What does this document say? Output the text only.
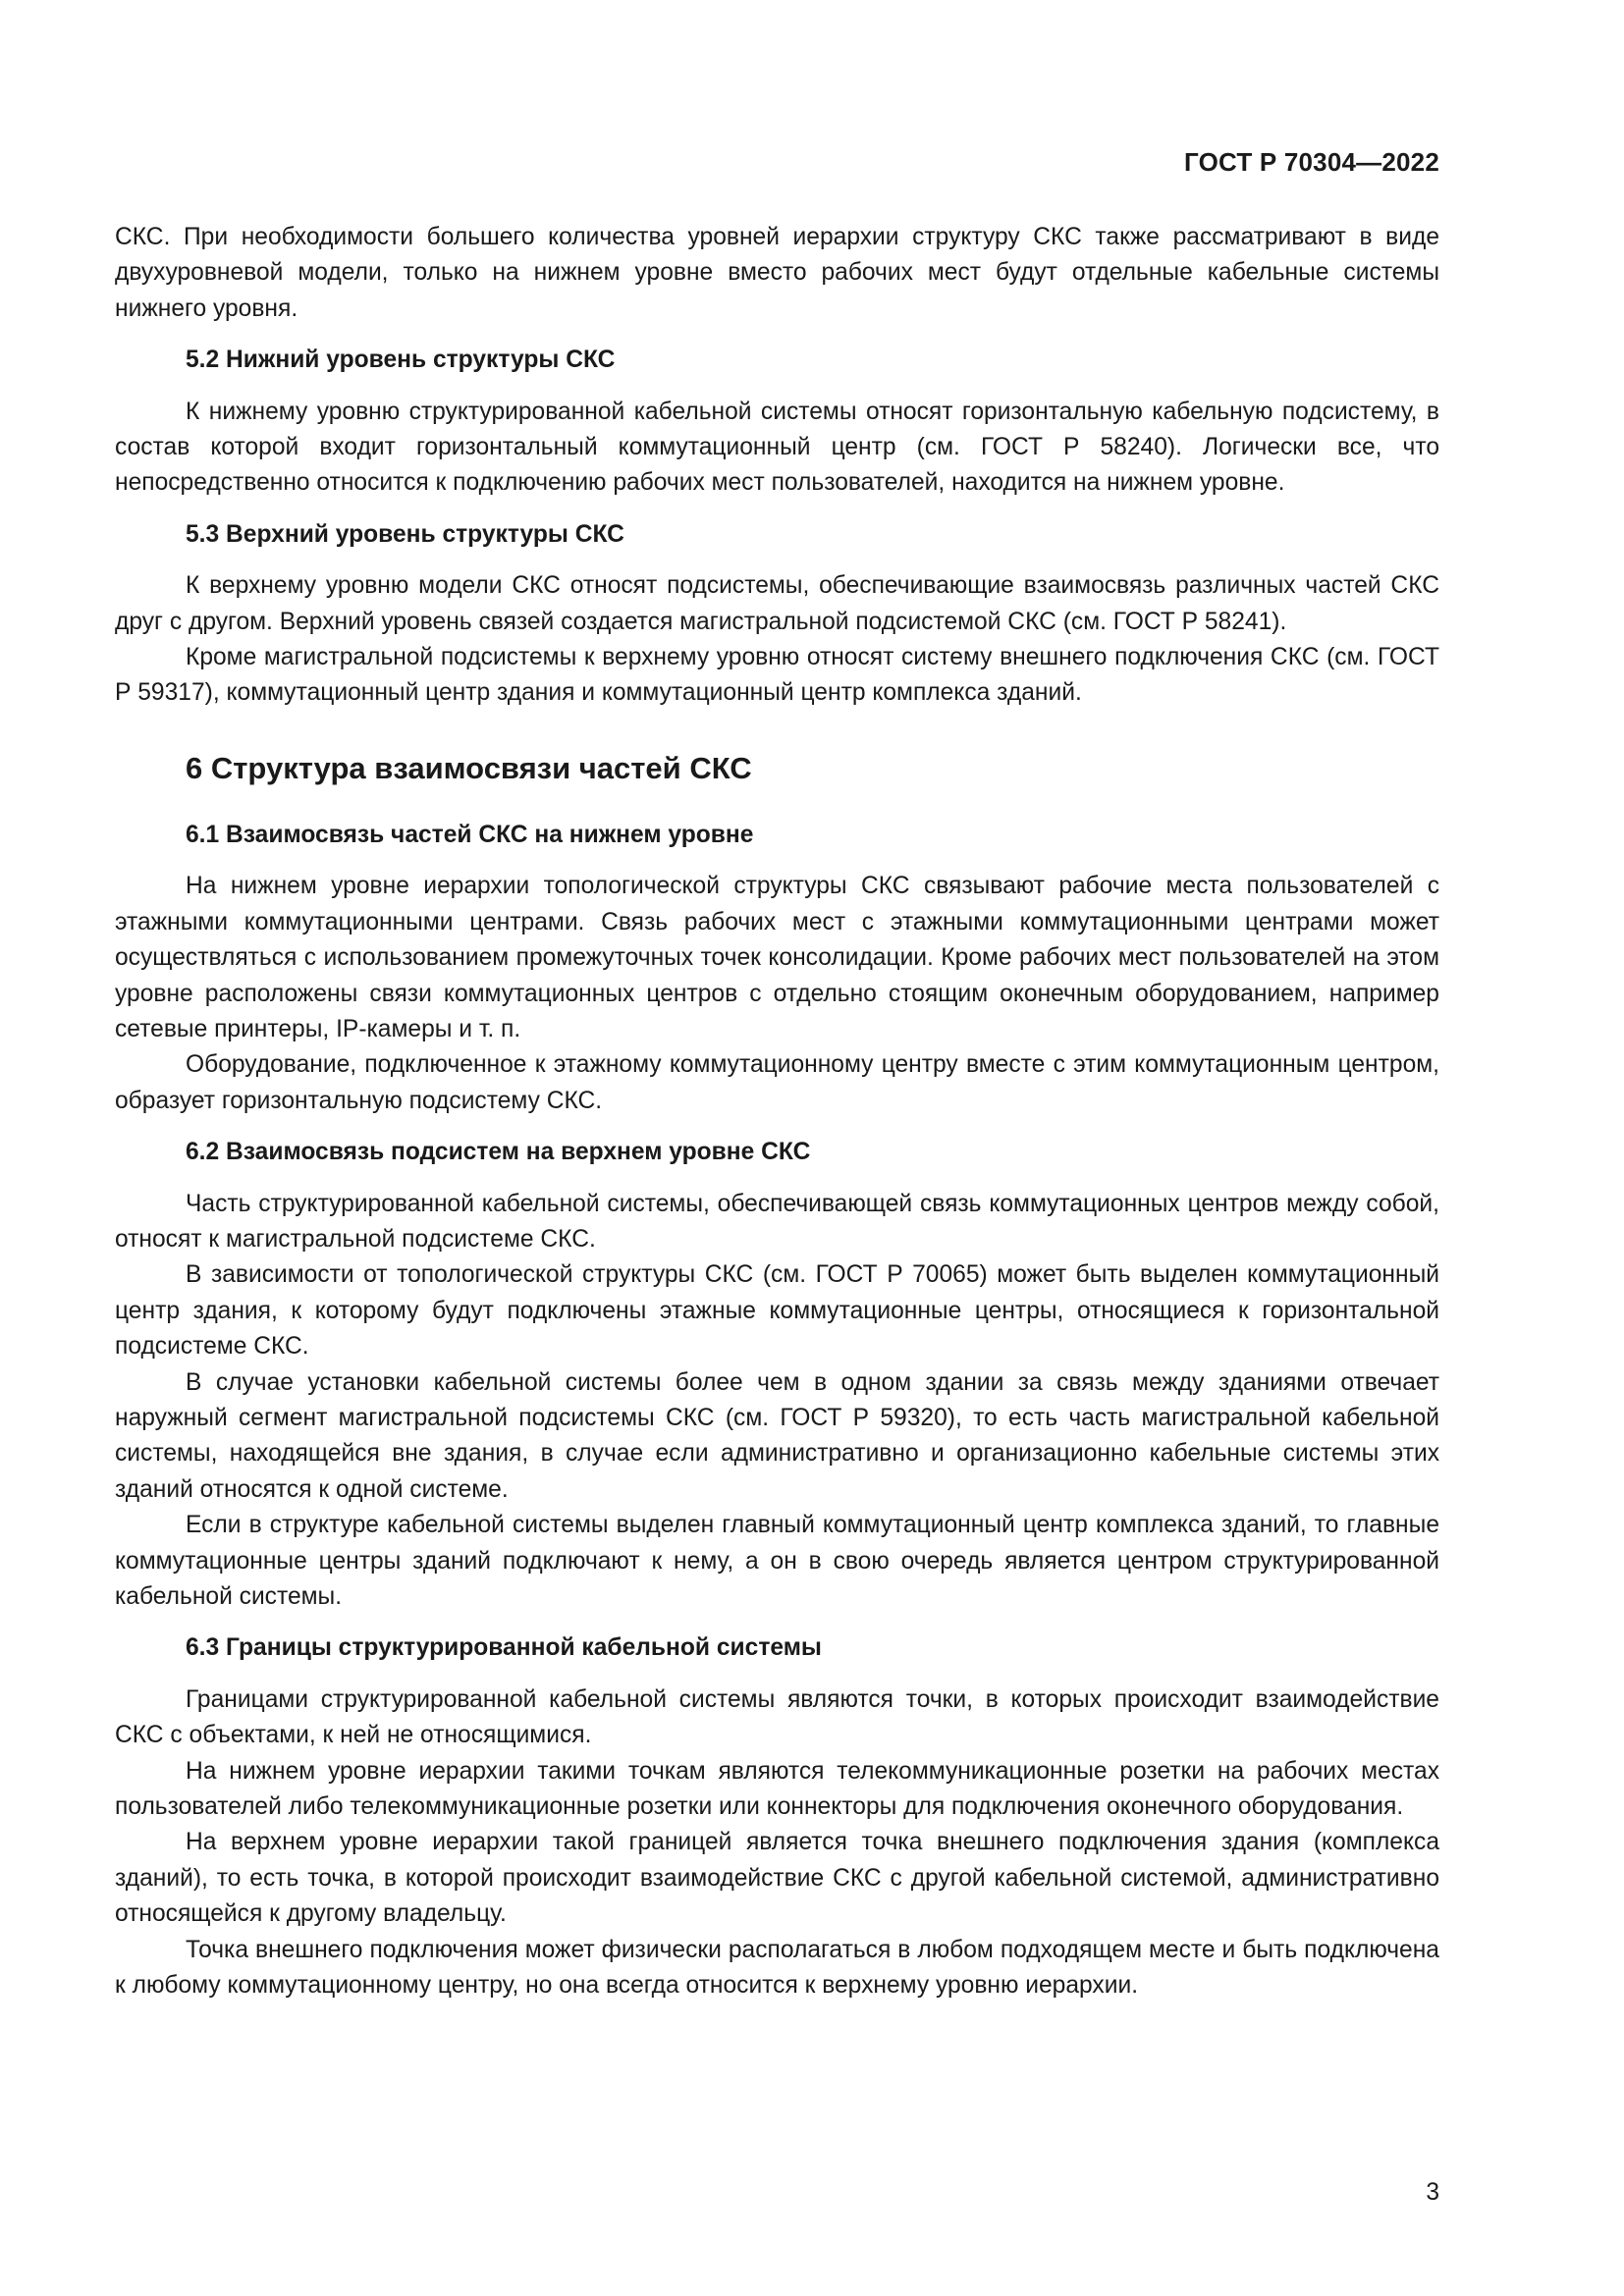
ГОСТ Р 70304—2022

СКС. При необходимости большего количества уровней иерархии структуру СКС также рассматривают в виде двухуровневой модели, только на нижнем уровне вместо рабочих мест будут отдельные кабельные системы нижнего уровня.

5.2 Нижний уровень структуры СКС

К нижнему уровню структурированной кабельной системы относят горизонтальную кабельную подсистему, в состав которой входит горизонтальный коммутационный центр (см. ГОСТ Р 58240). Логически все, что непосредственно относится к подключению рабочих мест пользователей, находится на нижнем уровне.

5.3 Верхний уровень структуры СКС

К верхнему уровню модели СКС относят подсистемы, обеспечивающие взаимосвязь различных частей СКС друг с другом. Верхний уровень связей создается магистральной подсистемой СКС (см. ГОСТ Р 58241).

Кроме магистральной подсистемы к верхнему уровню относят систему внешнего подключения СКС (см. ГОСТ Р 59317), коммутационный центр здания и коммутационный центр комплекса зданий.

6 Структура взаимосвязи частей СКС
6.1 Взаимосвязь частей СКС на нижнем уровне

На нижнем уровне иерархии топологической структуры СКС связывают рабочие места пользователей с этажными коммутационными центрами. Связь рабочих мест с этажными коммутационными центрами может осуществляться с использованием промежуточных точек консолидации. Кроме рабочих мест пользователей на этом уровне расположены связи коммутационных центров с отдельно стоящим оконечным оборудованием, например сетевые принтеры, IP-камеры и т. п.

Оборудование, подключенное к этажному коммутационному центру вместе с этим коммутационным центром, образует горизонтальную подсистему СКС.

6.2 Взаимосвязь подсистем на верхнем уровне СКС

Часть структурированной кабельной системы, обеспечивающей связь коммутационных центров между собой, относят к магистральной подсистеме СКС.

В зависимости от топологической структуры СКС (см. ГОСТ Р 70065) может быть выделен коммутационный центр здания, к которому будут подключены этажные коммутационные центры, относящиеся к горизонтальной подсистеме СКС.

В случае установки кабельной системы более чем в одном здании за связь между зданиями отвечает наружный сегмент магистральной подсистемы СКС (см. ГОСТ Р 59320), то есть часть магистральной кабельной системы, находящейся вне здания, в случае если административно и организационно кабельные системы этих зданий относятся к одной системе.

Если в структуре кабельной системы выделен главный коммутационный центр комплекса зданий, то главные коммутационные центры зданий подключают к нему, а он в свою очередь является центром структурированной кабельной системы.

6.3 Границы структурированной кабельной системы

Границами структурированной кабельной системы являются точки, в которых происходит взаимодействие СКС с объектами, к ней не относящимися.

На нижнем уровне иерархии такими точкам являются телекоммуникационные розетки на рабочих местах пользователей либо телекоммуникационные розетки или коннекторы для подключения оконечного оборудования.

На верхнем уровне иерархии такой границей является точка внешнего подключения здания (комплекса зданий), то есть точка, в которой происходит взаимодействие СКС с другой кабельной системой, административно относящейся к другому владельцу.

Точка внешнего подключения может физически располагаться в любом подходящем месте и быть подключена к любому коммутационному центру, но она всегда относится к верхнему уровню иерархии.

3
